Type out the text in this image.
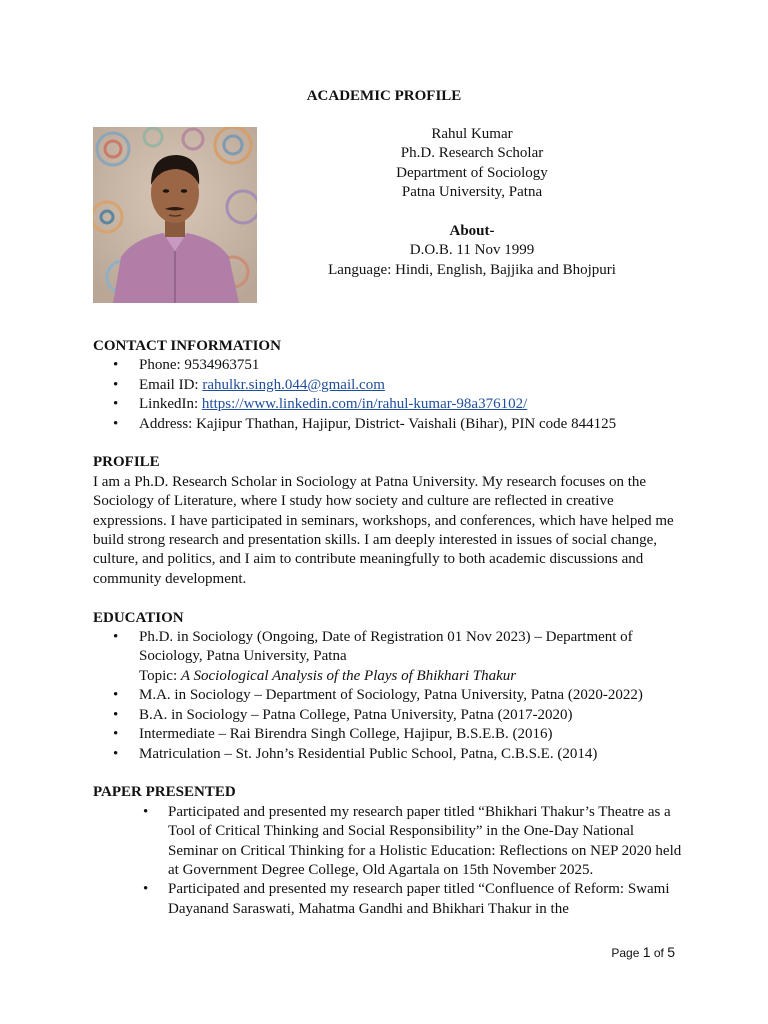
ACADEMIC PROFILE
Rahul Kumar
Ph.D. Research Scholar
Department of Sociology
Patna University, Patna
About-
D.O.B. 11 Nov 1999
Language: Hindi, English, Bajjika and Bhojpuri
CONTACT INFORMATION
• Phone: 9534963751
• Email ID: rahulkr.singh.044@gmail.com
• LinkedIn: https://www.linkedin.com/in/rahul-kumar-98a376102/
• Address: Kajipur Thathan, Hajipur, District- Vaishali (Bihar), PIN code 844125
PROFILE

I am a Ph.D. Research Scholar in Sociology at Patna University. My research focuses on the Sociology of Literature, where I study how society and culture are reflected in creative expressions. I have participated in seminars, workshops, and conferences, which have helped me build strong research and presentation skills. I am deeply interested in issues of social change, culture, and politics, and I aim to contribute meaningfully to both academic discussions and community development.

EDUCATION
• Ph.D. in Sociology (Ongoing, Date of Registration 01 Nov 2023) – Department of Sociology, Patna University, Patna
Topic: A Sociological Analysis of the Plays of Bhikhari Thakur
• M.A. in Sociology – Department of Sociology, Patna University, Patna (2020-2022)
• B.A. in Sociology – Patna College, Patna University, Patna (2017-2020)
• Intermediate – Rai Birendra Singh College, Hajipur, B.S.E.B. (2016)
• Matriculation – St. John’s Residential Public School, Patna, C.B.S.E. (2014)
PAPER PRESENTED
• Participated and presented my research paper titled “Bhikhari Thakur’s Theatre as a Tool of Critical Thinking and Social Responsibility” in the One-Day National Seminar on Critical Thinking for a Holistic Education: Reflections on NEP 2020 held at Government Degree College, Old Agartala on 15th November 2025.
• Participated and presented my research paper titled “Confluence of Reform: Swami Dayanand Saraswati, Mahatma Gandhi and Bhikhari Thakur in the
Page 1 of 5
